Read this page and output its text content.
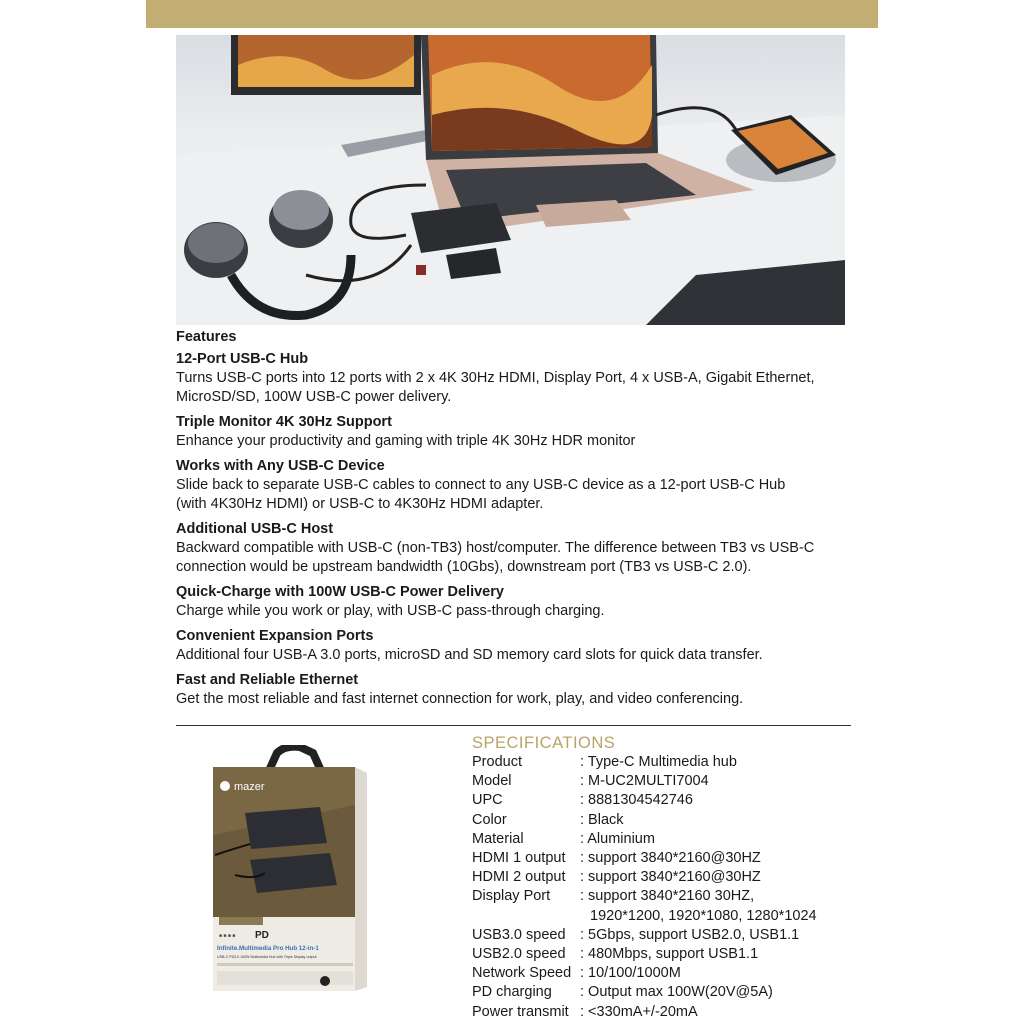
Features

12-Port USB-C Hub

Turns USB-C ports into 12 ports with 2 x 4K 30Hz HDMI, Display Port, 4 x USB-A, Gigabit Ethernet,

MicroSD/SD, 100W USB-C power delivery.

Triple Monitor 4K 30Hz Support

Enhance your productivity and gaming with triple 4K 30Hz HDR monitor

Works with Any USB-C Device

Slide back to separate USB-C cables to connect to any USB-C device as a 12-port USB-C Hub

(with 4K30Hz HDMI) or USB-C to 4K30Hz HDMI adapter.

Additional USB-C Host

Backward compatible with USB-C (non-TB3) host/computer. The difference between TB3 vs USB-C

connection would be upstream bandwidth (10Gbs), downstream port (TB3 vs USB-C 2.0).

Quick-Charge with 100W USB-C Power Delivery

Charge while you work or play, with USB-C pass-through charging.

Convenient Expansion Ports

Additional four USB-A 3.0 ports, microSD and SD memory card slots for quick data transfer.

Fast and Reliable Ethernet

Get the most reliable and fast internet connection for work, play, and video conferencing.

mazer
■ ■ ■ ■ PD
Infinite.Multimedia Pro Hub 12-in-1
USB-C PD3.0 100W Multimedia Hub with Triple Display output

SPECIFICATIONS

Product	: Type-C Multimedia hub
Model	: M-UC2MULTI7004
UPC	: 8881304542746
Color	: Black
Material	: Aluminium
HDMI 1 output : support 3840*2160@30HZ
HDMI 2 output : support 3840*2160@30HZ
Display Port : support 3840*2160 30HZ,
1920*1200, 1920*1080, 1280*1024
USB3.0 speed : 5Gbps, support USB2.0, USB1.1
USB2.0 speed : 480Mbps, support USB1.1
Network Speed : 10/100/1000M
PD charging : Output max 100W(20V@5A)
Power transmit : <330mA+/-20mA
